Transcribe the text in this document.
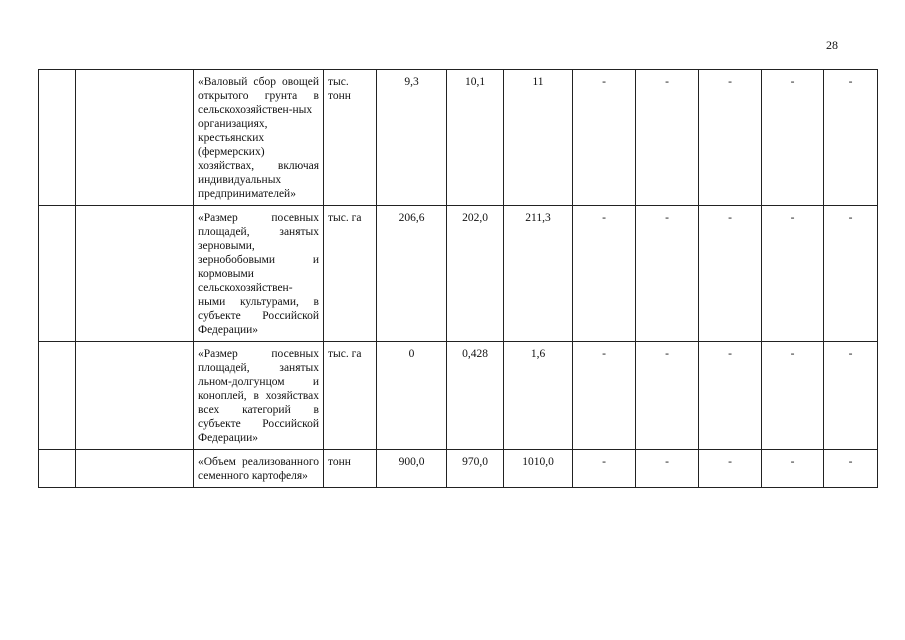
28
		«Валовый сбор овощей открытого грунта в сельскохозяйствен-ных организациях, крестьянских (фермерских) хозяйствах, включая индивидуальных предпринимателей»	тыс. тонн	9,3	10,1	11	-	-	-	-	-
		«Размер посевных площадей, занятых зерновыми, зернобобовыми и кормовыми сельскохозяйствен-ными культурами, в субъекте Российской Федерации»	тыс. га	206,6	202,0	211,3	-	-	-	-	-
		«Размер посевных площадей, занятых льном-долгунцом и коноплей, в хозяйствах всех категорий в субъекте Российской Федерации»	тыс. га	0	0,428	1,6	-	-	-	-	-
		«Объем реализованного семенного картофеля»	тонн	900,0	970,0	1010,0	-	-	-	-	-
